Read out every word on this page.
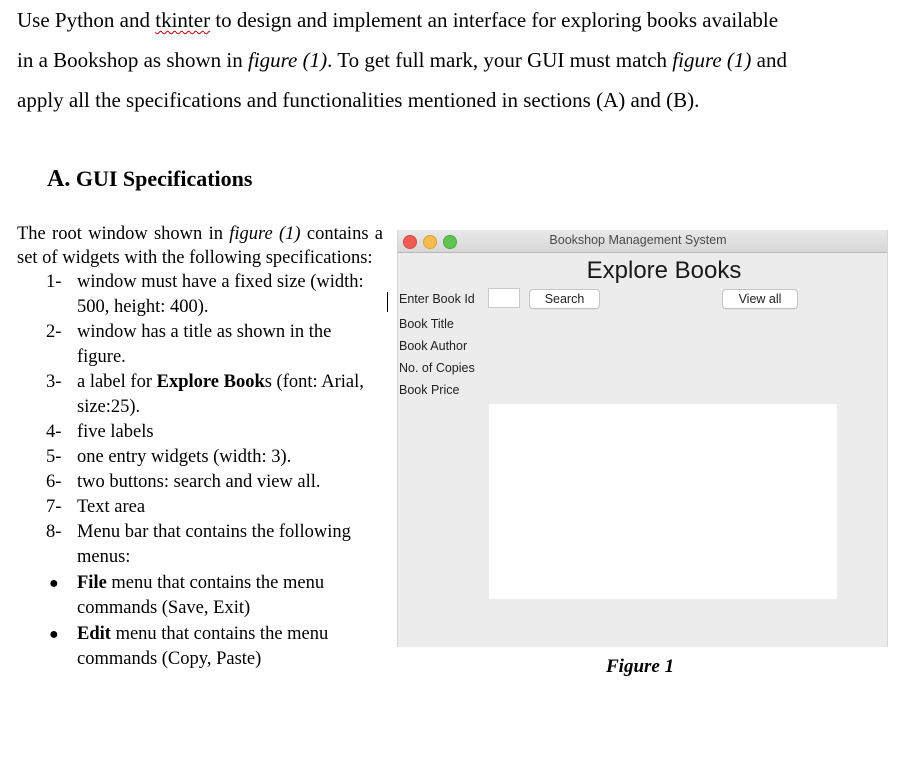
Use Python and tkinter to design and implement an interface for exploring books available
in a Bookshop as shown in figure (1). To get full mark, your GUI must match figure (1) and
apply all the specifications and functionalities mentioned in sections (A) and (B).
A. GUI Specifications

The root window shown in figure (1) contains a set of widgets with the following specifications:

1- window must have a fixed size (width: 500, height: 400).
2- window has a title as shown in the figure.
3- a label for Explore Books (font: Arial, size:25).
4- five labels
5- one entry widgets (width: 3).
6- two buttons: search and view all.
7- Text area
8- Menu bar that contains the following menus:
● File menu that contains the menu commands (Save, Exit)
● Edit menu that contains the menu commands (Copy, Paste)
Bookshop Management System
Explore Books
Enter Book Id	Search	View all
Book Title
Book Author
No. of Copies
Book Price
Figure 1
